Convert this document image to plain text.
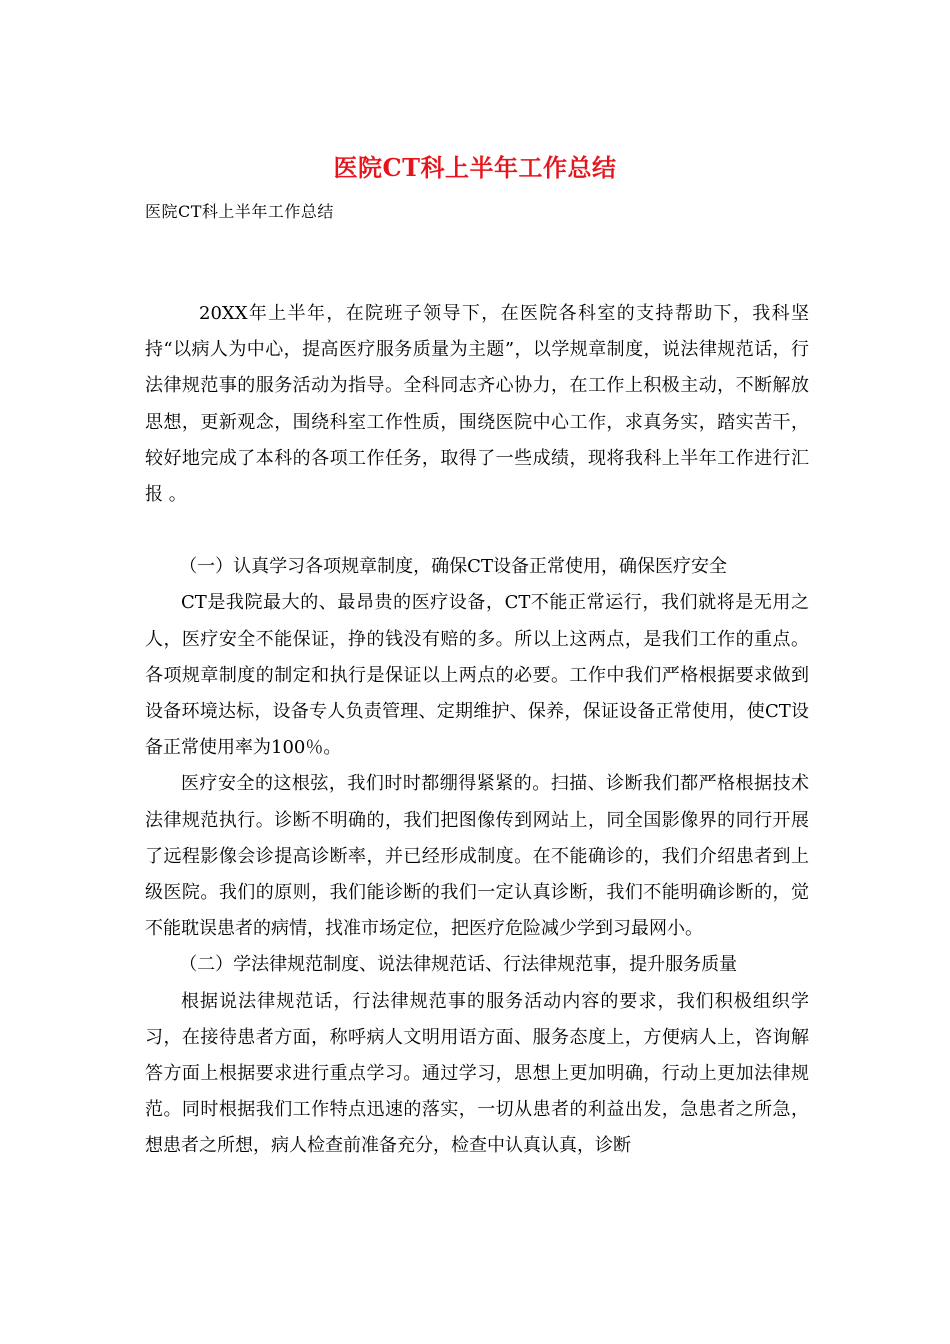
医院CT科上半年工作总结
医院CT科上半年工作总结

20XX年上半年，在院班子领导下，在医院各科室的支持帮助下，我科坚持“以病人为中心，提高医疗服务质量为主题”，以学规章制度，说法律规范话，行法律规范事的服务活动为指导。全科同志齐心协力，在工作上积极主动，不断解放思想，更新观念，围绕科室工作性质，围绕医院中心工作，求真务实，踏实苦干，较好地完成了本科的各项工作任务，取得了一些成绩，现将我科上半年工作进行汇报 。

（一）认真学习各项规章制度，确保CT设备正常使用，确保医疗安全

CT是我院最大的、最昂贵的医疗设备，CT不能正常运行，我们就将是无用之人，医疗安全不能保证，挣的钱没有赔的多。所以上这两点，是我们工作的重点。各项规章制度的制定和执行是保证以上两点的必要。工作中我们严格根据要求做到设备环境达标，设备专人负责管理、定期维护、保养，保证设备正常使用，使CT设备正常使用率为100％。

医疗安全的这根弦，我们时时都绷得紧紧的。扫描、诊断我们都严格根据技术法律规范执行。诊断不明确的，我们把图像传到网站上，同全国影像界的同行开展了远程影像会诊提高诊断率，并已经形成制度。在不能确诊的，我们介绍患者到上级医院。我们的原则，我们能诊断的我们一定认真诊断，我们不能明确诊断的，觉不能耽误患者的病情，找准市场定位，把医疗危险减少学到习最网小。

（二）学法律规范制度、说法律规范话、行法律规范事，提升服务质量

根据说法律规范话，行法律规范事的服务活动内容的要求，我们积极组织学习，在接待患者方面，称呼病人文明用语方面、服务态度上，方便病人上，咨询解答方面上根据要求进行重点学习。通过学习，思想上更加明确，行动上更加法律规范。同时根据我们工作特点迅速的落实，一切从患者的利益出发，急患者之所急，想患者之所想，病人检查前准备充分，检查中认真认真，诊断
